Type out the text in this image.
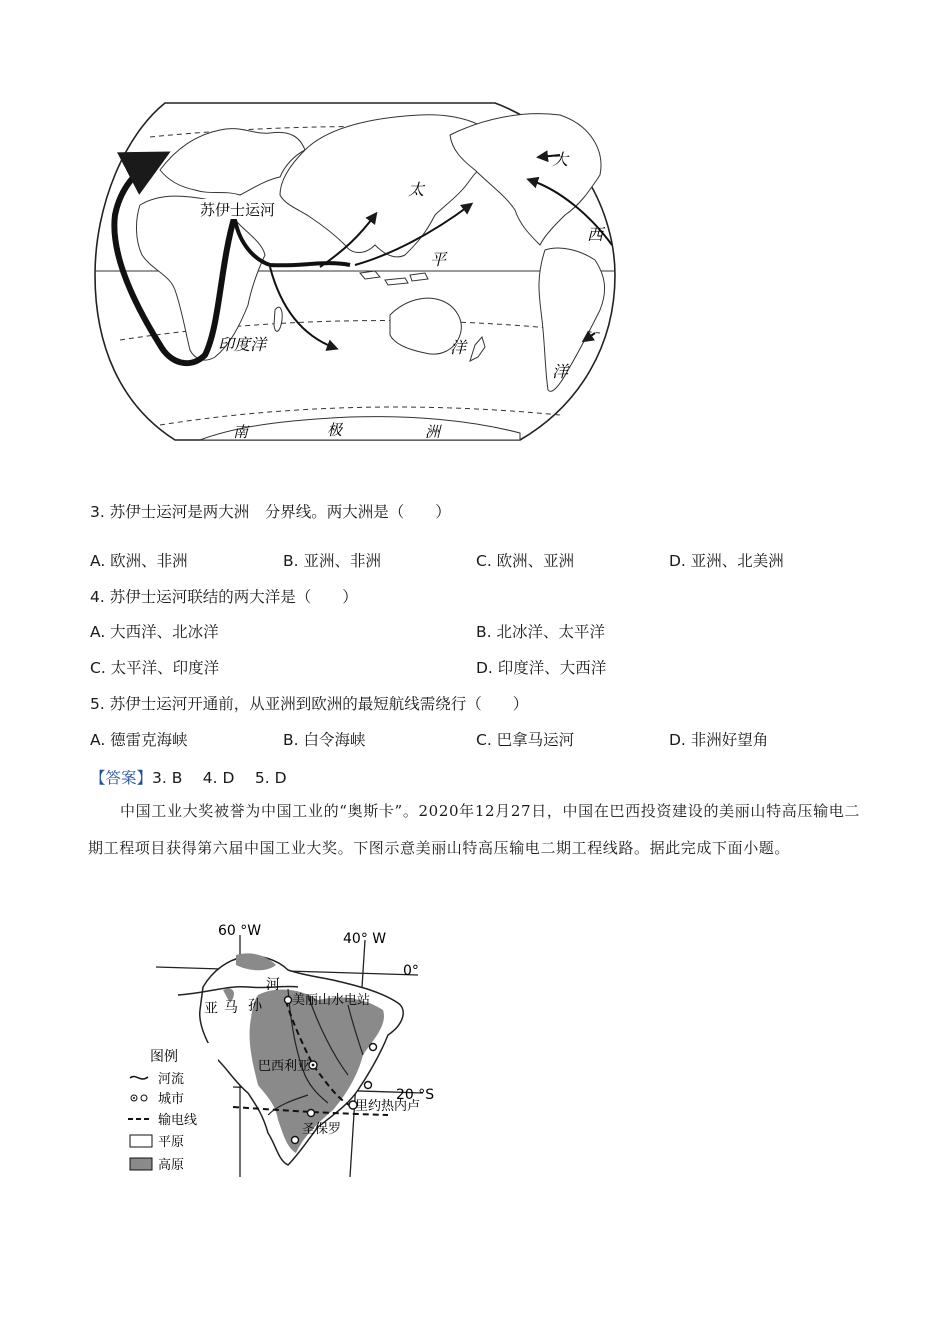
苏伊士运河
太
平
洋
印度洋
大
西
洋
南	极	洲
3. 苏伊士运河是两大洲　分界线。两大洲是（　　）
A. 欧洲、非洲	B. 亚洲、非洲	C. 欧洲、亚洲	D. 亚洲、北美洲
4. 苏伊士运河联结的两大洋是（　　）
A. 大西洋、北冰洋	B. 北冰洋、太平洋
C. 太平洋、印度洋	D. 印度洋、大西洋
5. 苏伊士运河开通前，从亚洲到欧洲的最短航线需绕行（　　）
A. 德雷克海峡	B. 白令海峡	C. 巴拿马运河	D. 非洲好望角
【答案】3. B  4. D  5. D

中国工业大奖被誉为中国工业的“奥斯卡”。2020年12月27日，中国在巴西投资建设的美丽山特高压输电二期工程项目获得第六届中国工业大奖。下图示意美丽山特高压输电二期工程线路。据此完成下面小题。

60 °W	40° W
0°
20 °S
亚 马 孙
河
美丽山水电站
巴西利亚
里约热内卢
圣保罗
图例
河流
城市
输电线
平原
高原
